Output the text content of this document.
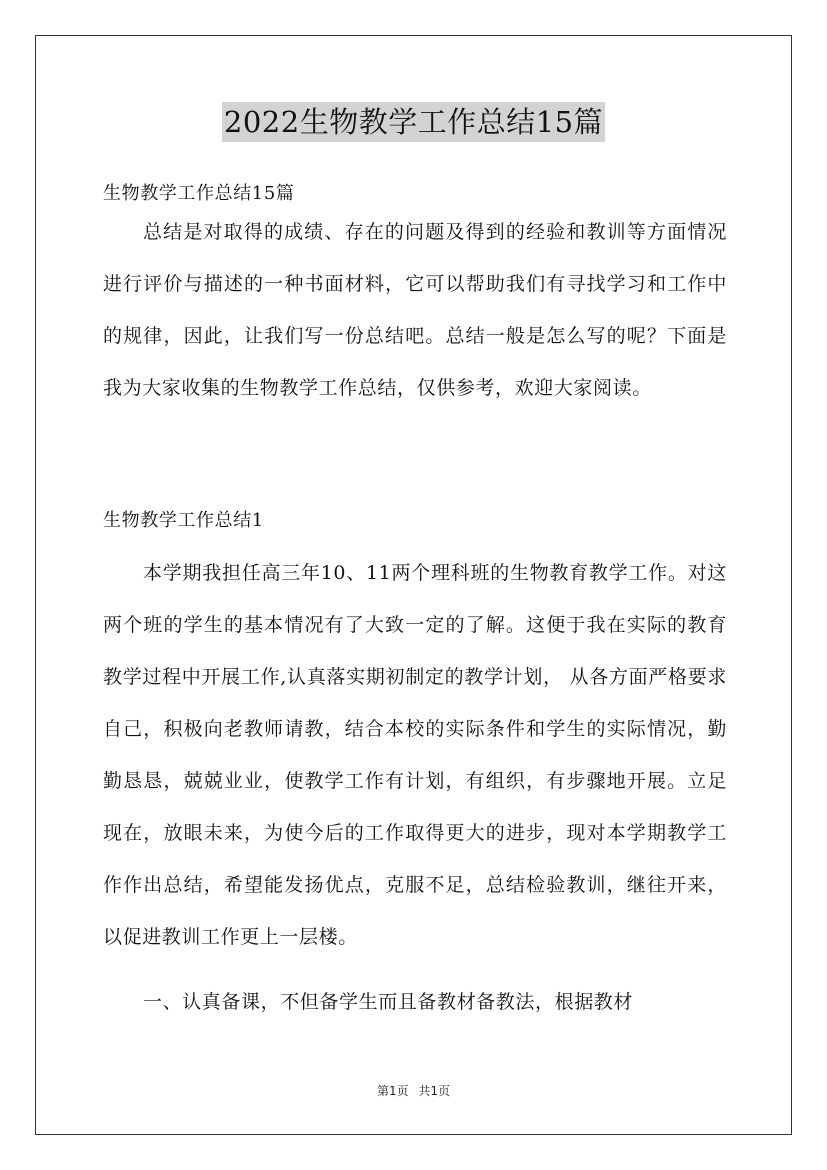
2022生物教学工作总结15篇
生物教学工作总结15篇
总结是对取得的成绩、存在的问题及得到的经验和教训等方面情况进行评价与描述的一种书面材料，它可以帮助我们有寻找学习和工作中的规律，因此，让我们写一份总结吧。总结一般是怎么写的呢？下面是我为大家收集的生物教学工作总结，仅供参考，欢迎大家阅读。
生物教学工作总结1
本学期我担任高三年10、11两个理科班的生物教育教学工作。对这两个班的学生的基本情况有了大致一定的了解。这便于我在实际的教育教学过程中开展工作,认真落实期初制定的教学计划， 从各方面严格要求自己，积极向老教师请教，结合本校的实际条件和学生的实际情况，勤勤恳恳，兢兢业业，使教学工作有计划，有组织，有步骤地开展。立足现在，放眼未来，为使今后的工作取得更大的进步，现对本学期教学工作作出总结，希望能发扬优点，克服不足，总结检验教训，继往开来，以促进教训工作更上一层楼。
一、认真备课，不但备学生而且备教材备教法，根据教材
第1页 共1页
